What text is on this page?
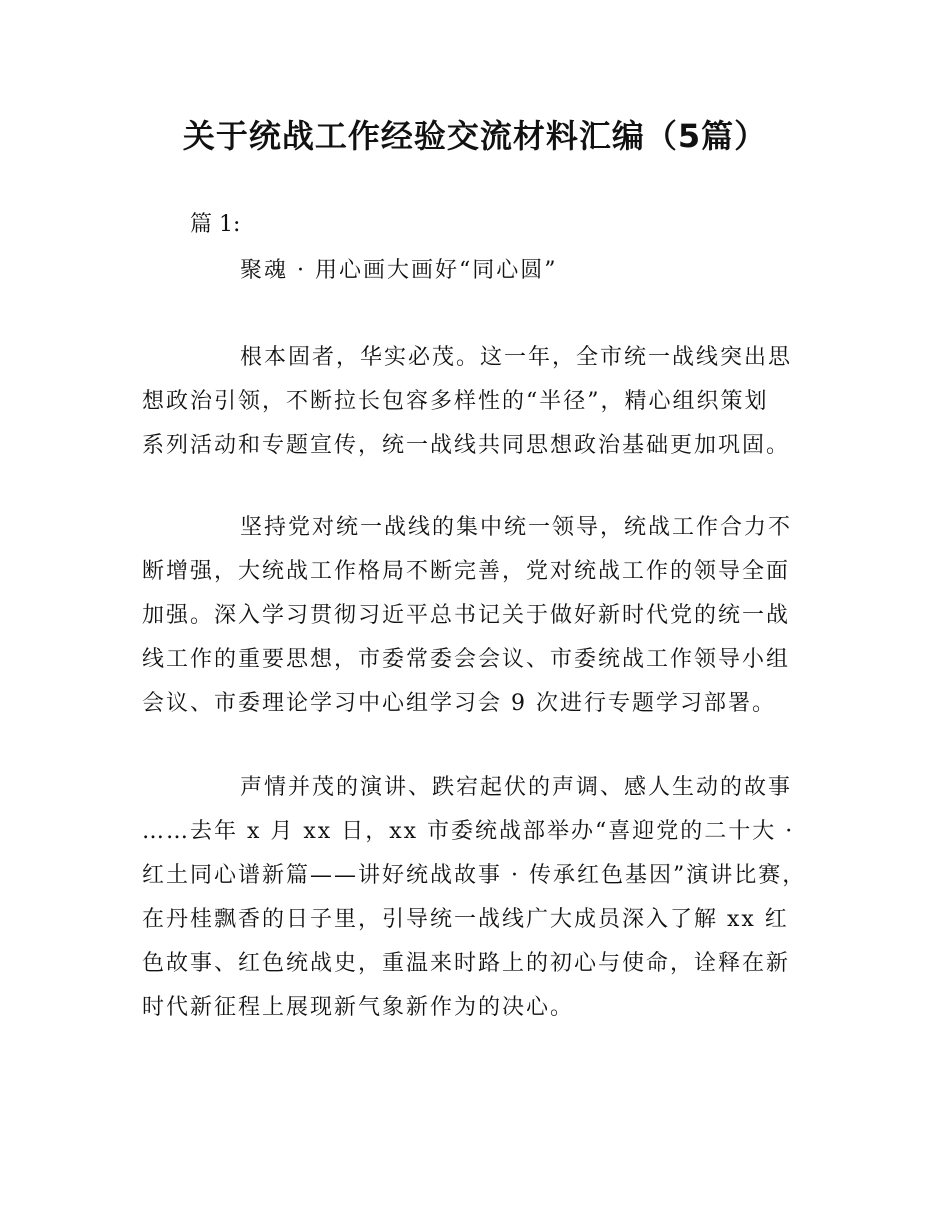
关于统战工作经验交流材料汇编（5篇）
篇 1:
聚魂 · 用心画大画好“同心圆”

根本固者，华实必茂。这一年，全市统一战线突出思
想政治引领，不断拉长包容多样性的“半径”，精心组织策划
系列活动和专题宣传，统一战线共同思想政治基础更加巩固。

坚持党对统一战线的集中统一领导，统战工作合力不
断增强，大统战工作格局不断完善，党对统战工作的领导全面
加强。深入学习贯彻习近平总书记关于做好新时代党的统一战
线工作的重要思想，市委常委会会议、市委统战工作领导小组
会议、市委理论学习中心组学习会 9 次进行专题学习部署。

声情并茂的演讲、跌宕起伏的声调、感人生动的故事
……去年 x 月 xx 日，xx 市委统战部举办“喜迎党的二十大 ·
红土同心谱新篇——讲好统战故事 · 传承红色基因”演讲比赛，
在丹桂飘香的日子里，引导统一战线广大成员深入了解 xx 红
色故事、红色统战史，重温来时路上的初心与使命，诠释在新
时代新征程上展现新气象新作为的决心。
